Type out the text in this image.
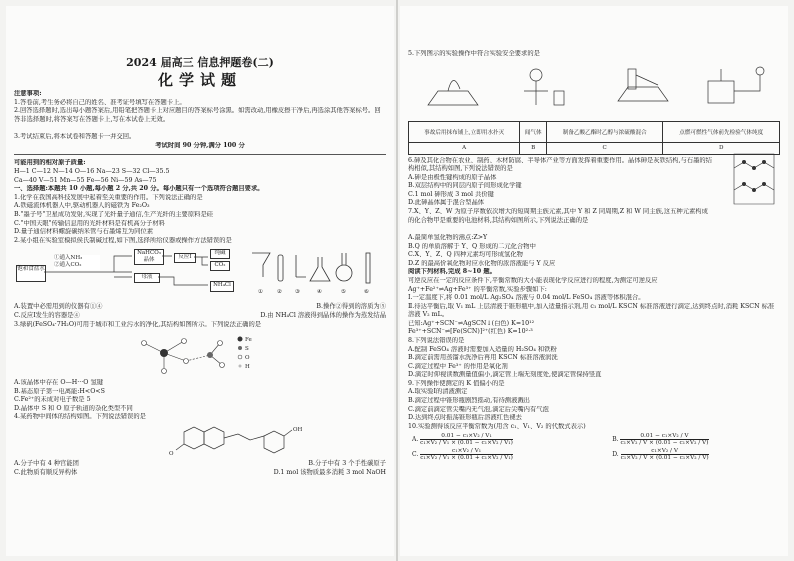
2024 届高三 信息押题卷(二)
化学试题
注意事项:
1.答卷前,考生务必将自己的姓名、准考证号填写在答题卡上。
2.回答选择题时,选出每小题答案后,用铅笔把答题卡上对应题目的答案标号涂黑。如需改动,用橡皮擦干净后,再选涂其他答案标号。回答非选择题时,将答案写在答题卡上,写在本试卷上无效。
3.考试结束后,将本试卷和答题卡一并交回。
考试时间 90 分钟,满分 100 分
可能用到的相对原子质量:
H—1 C—12 N—14 O—16 Na—23 S—32 Cl—35.5
Ca—40 V—51 Mn—55 Fe—56 Ni—59 As—75
一、选择题:本题共 10 小题,每小题 2 分,共 20 分。每小题只有一个选项符合题目要求。
1.化学在我国高科技发展中起着至关重要的作用。下列说法正确的是
A.铁磁流体机器人中,驱动机器人的磁铁为 Fe₂O₃
B."墨子号"卫星成功发射,实现了光纤量子通信,生产光纤的主要原料是硅
C."中国天眼"传输信息用的光纤材料是有机高分子材料
D.量子通信材料螺旋碳纳米管与石墨烯互为同位素
2.某小组在实验室模拟侯氏制碱过程,如下图,选择所给仪器或操作方法错误的是
饱和食盐水
①通入NH₃
②通入CO₂
NaHCO₃晶体	反应Ⅰ
纯碱
CO₂
母液
NH₄Cl
①	② ③	④	⑤	⑥
A.装置中必需用到的仪器有①④	B.操作②得到的溶质为⑤
C.反应Ⅰ发生的容器是④	D.由 NH₄Cl 溶液得到晶体的操作为蒸发结晶
3.绿矾(FeSO₄·7H₂O)可用于城市和工业污水的净化,其结构如图所示。下列说法正确的是
Fe
S
O
H
A.该晶体中存在 O—H···O 氢键
B.基态原子第一电离能:H<O<S
C.Fe²⁺的未成对电子数是 5
D.晶体中 S 和 O 原子轨道的杂化类型不同
4.某药物中间体的结构如图。下列说法错误的是
OH
O
A.分子中有 4 种官能团	B.分子中有 3 个手性碳原子
C.此物质有顺反异构体	D.1 mol 该物质最多消耗 3 mol NaOH
5.下列图示的实验操作中符合实验安全要求的是
事故后用抹布铺上,立即用水扑灭	闻气体	制备乙酸乙酯时乙醇与浓硫酸混合	点燃可燃性气体前先检验气体纯度
A	B	C	D
6.砷及其化合物在农业、制药、木材防腐、半导体产业等方面发挥着重要作用。晶体砷是灰铁结构,与石墨的结构相似,其结构如图,下列说法错误的是
A.砷是由极性键构成的原子晶体
B.双层结构中的同层内原子间形成化学键
C.1 mol 砷形成 3 mol 共价键
D.此砷晶体属于混合型晶体
7.X、Y、Z、W 为原子序数依次增大的短周期主族元素,其中 Y 和 Z 同周期,Z 和 W 同主族,这五种元素构成的化合物甲是重要的电池材料,其结构如图所示,下列说法正确的是
A.最简单氢化物的沸点:Z>Y
B.Q 的单质溶解于 Y、Q 形成的二元化合物中
C.X、Y、Z、Q 四种元素均可形成氢化物
D.Z 的最高价氧化物对应水化物的浓溶液能与 Y 反应
阅读下列材料,完成 8~10 题。
可逆反应在一定的反应条件下,平衡常数的大小能表现化学反应进行的程度,为测定可逆反应
Ag⁺+Fe²⁺⇌Ag+Fe³⁺ 的平衡常数,实验步骤如下:
Ⅰ.一定温度下,将 0.01 mol/L Ag₂SO₄ 溶液与 0.04 mol/L FeSO₄ 溶液等体积混合。
Ⅱ.待达平衡后,取 V₁ mL 上层清液于锥形瓶中,加入适量指示剂,用 c₁ mol/L KSCN 标准溶液进行滴定,达到终点时,消耗 KSCN 标准溶液 V₂ mL。
已知:Ag⁺+SCN⁻⇌AgSCN↓(白色) K=10¹²
Fe³⁺+SCN⁻⇌[Fe(SCN)]²⁺(红色) K=10²·³
8.下列说法错误的是
A.配制 FeSO₄ 溶液时需要加入适量的 H₂SO₄ 和铁粉
B.滴定前需用蒸馏水洗净后再用 KSCN 标准溶液润洗
C.滴定过程中 Fe³⁺ 的作用是氧化剂
D.滴定时仰视读数测量值偏小,滴定管上端无刻度处,使滴定管保持竖直
9.下列操作使测定的 K 值偏小的是
A.取实验Ⅰ的清液测定
B.滴定过程中锥形瓶剧烈摇动,有待测液溅出
C.滴定前滴定管尖嘴内无气泡,滴定后尖嘴内有气泡
D.达到终点时振荡锥形瓶后溶液红色褪去
10.实验测得该反应平衡常数为(用含 c₁、V₁、V₂ 的代数式表示)
A. $\frac{\text{0.01 − c₁×V₂ / V₁}}{\text{c₁×V₂ / V₁ × (0.01 − c₁×V₂ / V₁)}}$	B. $\frac{\text{0.01 − c₁×V₂ / V}}{\text{c₁×V₂ / V × (0.01 − c₁×V₂ / V)}}$
C. $\frac{\text{c₁×V₂ / V₁}}{\text{c₁×V₂ / V₁ × (0.01 + c₁×V₂ / V₁)}}$	D. $\frac{\text{c₁×V₂ / V}}{\text{c₁×V₂ / V × (0.01 − c₁×V₂ / V)}}$
